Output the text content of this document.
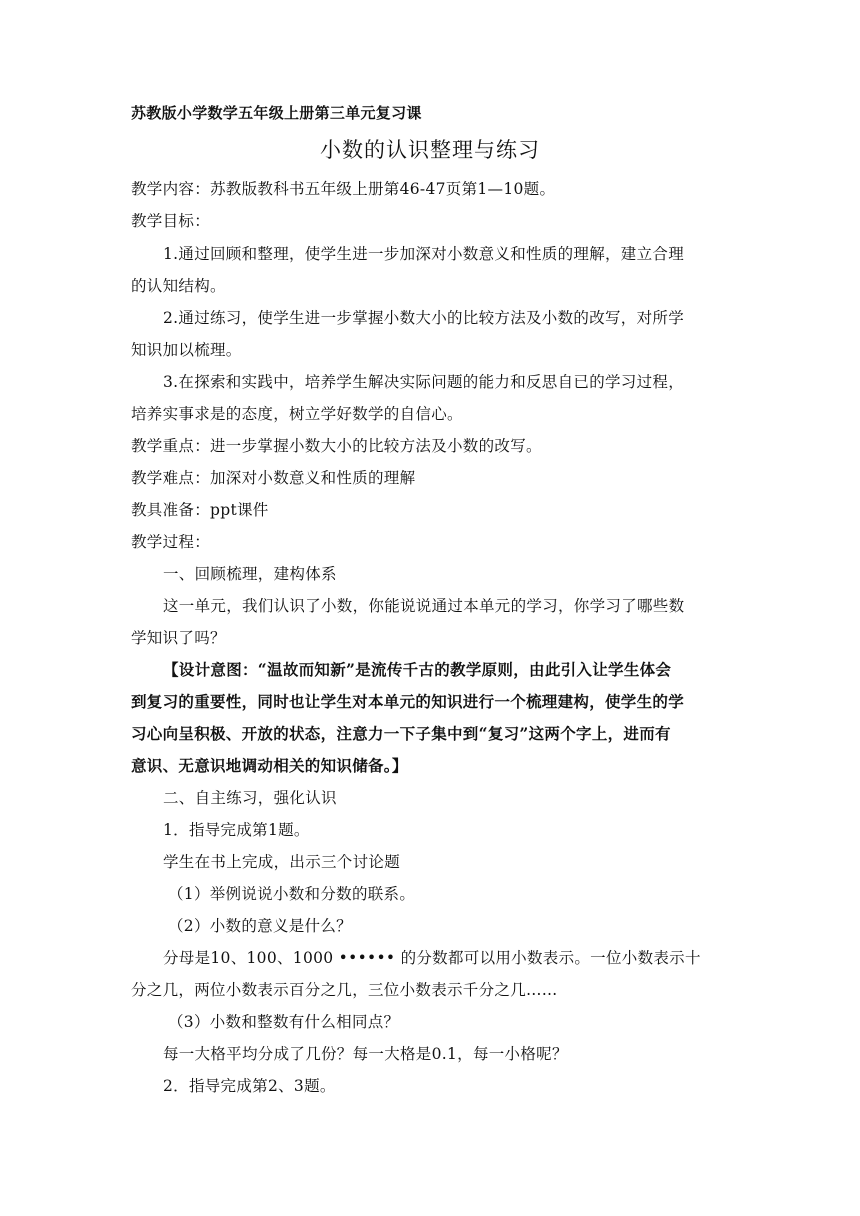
苏教版小学数学五年级上册第三单元复习课
小数的认识整理与练习
教学内容：苏教版教科书五年级上册第46-47页第1—10题。
教学目标：
1.通过回顾和整理，使学生进一步加深对小数意义和性质的理解，建立合理
的认知结构。
2.通过练习，使学生进一步掌握小数大小的比较方法及小数的改写，对所学
知识加以梳理。
3.在探索和实践中，培养学生解决实际问题的能力和反思自已的学习过程，
培养实事求是的态度，树立学好数学的自信心。
教学重点：进一步掌握小数大小的比较方法及小数的改写。
教学难点：加深对小数意义和性质的理解
教具准备：ppt课件
教学过程：
一、回顾梳理，建构体系
这一单元，我们认识了小数，你能说说通过本单元的学习，你学习了哪些数
学知识了吗？
【设计意图：“温故而知新”是流传千古的教学原则，由此引入让学生体会
到复习的重要性，同时也让学生对本单元的知识进行一个梳理建构，使学生的学
习心向呈积极、开放的状态，注意力一下子集中到“复习”这两个字上，进而有
意识、无意识地调动相关的知识储备。】
二、自主练习，强化认识
1．指导完成第1题。
学生在书上完成，出示三个讨论题
（1）举例说说小数和分数的联系。
（2）小数的意义是什么？
分母是10、100、1000 •••••• 的分数都可以用小数表示。一位小数表示十
分之几，两位小数表示百分之几，三位小数表示千分之几……
（3）小数和整数有什么相同点？
每一大格平均分成了几份？每一大格是0.1，每一小格呢？
2．指导完成第2、3题。
